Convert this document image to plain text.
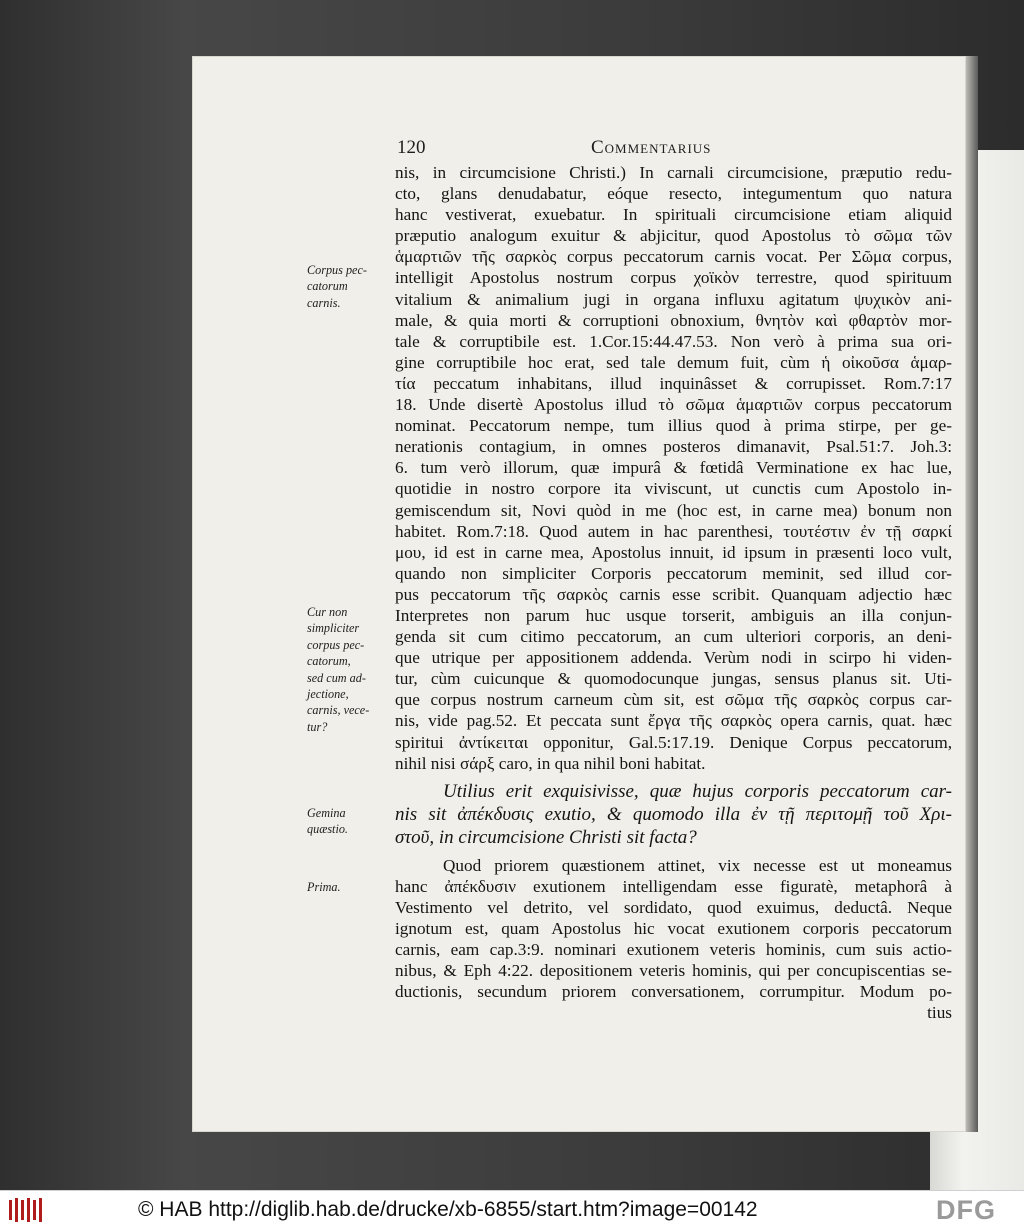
120	Commentarius
Corpus pec-
catorum
carnis.
Cur non
simpliciter
corpus pec-
catorum,
sed cum ad-
jectione,
carnis, vece-
tur?
Gemina
quæstio.
Prima.
nis, in circumcisione Christi.) In carnali circumcisione, præputio redu-
cto, glans denudabatur, eóque resecto, integumentum quo natura
hanc vestiverat, exuebatur. In spirituali circumcisione etiam aliquid
præputio analogum exuitur & abjicitur, quod Apostolus τὸ σῶμα τῶν
ἁμαρτιῶν τῆς σαρκὸς corpus peccatorum carnis vocat. Per Σῶμα corpus,
intelligit Apostolus nostrum corpus χοϊκὸν terrestre, quod spirituum
vitalium & animalium jugi in organa influxu agitatum ψυχικὸν ani-
male, & quia morti & corruptioni obnoxium, θνητὸν καὶ φθαρτὸν mor-
tale & corruptibile est. 1.Cor.15:44.47.53. Non verò à prima sua ori-
gine corruptibile hoc erat, sed tale demum fuit, cùm ἡ οἰκοῦσα ἁμαρ-
τία peccatum inhabitans, illud inquinâsset & corrupisset. Rom.7:17
18. Unde disertè Apostolus illud τὸ σῶμα ἁμαρτιῶν corpus peccatorum
nominat. Peccatorum nempe, tum illius quod à prima stirpe, per ge-
nerationis contagium, in omnes posteros dimanavit, Psal.51:7. Joh.3:
6. tum verò illorum, quæ impurâ & fœtidâ Verminatione ex hac lue,
quotidie in nostro corpore ita viviscunt, ut cunctis cum Apostolo in-
gemiscendum sit, Novi quòd in me (hoc est, in carne mea) bonum non
habitet. Rom.7:18. Quod autem in hac parenthesi, τουτέστιν ἐν τῇ σαρκί
μου, id est in carne mea, Apostolus innuit, id ipsum in præsenti loco vult,
quando non simpliciter Corporis peccatorum meminit, sed illud cor-
pus peccatorum τῆς σαρκὸς carnis esse scribit. Quanquam adjectio hæc
Interpretes non parum huc usque torserit, ambiguis an illa conjun-
genda sit cum citimo peccatorum, an cum ulteriori corporis, an deni-
que utrique per appositionem addenda. Verùm nodi in scirpo hi viden-
tur, cùm cuicunque & quomodocunque jungas, sensus planus sit. Uti-
que corpus nostrum carneum cùm sit, est σῶμα τῆς σαρκὸς corpus car-
nis, vide pag.52. Et peccata sunt ἔργα τῆς σαρκὸς opera carnis, quat. hæc
spiritui ἀντίκειται opponitur, Gal.5:17.19. Denique Corpus peccatorum,
nihil nisi σάρξ caro, in qua nihil boni habitat.
Utilius erit exquisivisse, quæ hujus corporis peccatorum car-
nis sit ἀπέκδυσις exutio, & quomodo illa ἐν τῇ περιτομῇ τοῦ Χρι-
στοῦ, in circumcisione Christi sit facta?
Quod priorem quæstionem attinet, vix necesse est ut moneamus
hanc ἀπέκδυσιν exutionem intelligendam esse figuratè, metaphorâ à
Vestimento vel detrito, vel sordidato, quod exuimus, deductâ. Neque
ignotum est, quam Apostolus hic vocat exutionem corporis peccatorum
carnis, eam cap.3:9. nominari exutionem veteris hominis, cum suis actio-
nibus, & Eph 4:22. depositionem veteris hominis, qui per concupiscentias se-
ductionis, secundum priorem conversationem, corrumpitur. Modum po-
tius
© HAB http://diglib.hab.de/drucke/xb-6855/start.htm?image=00142	DFG
